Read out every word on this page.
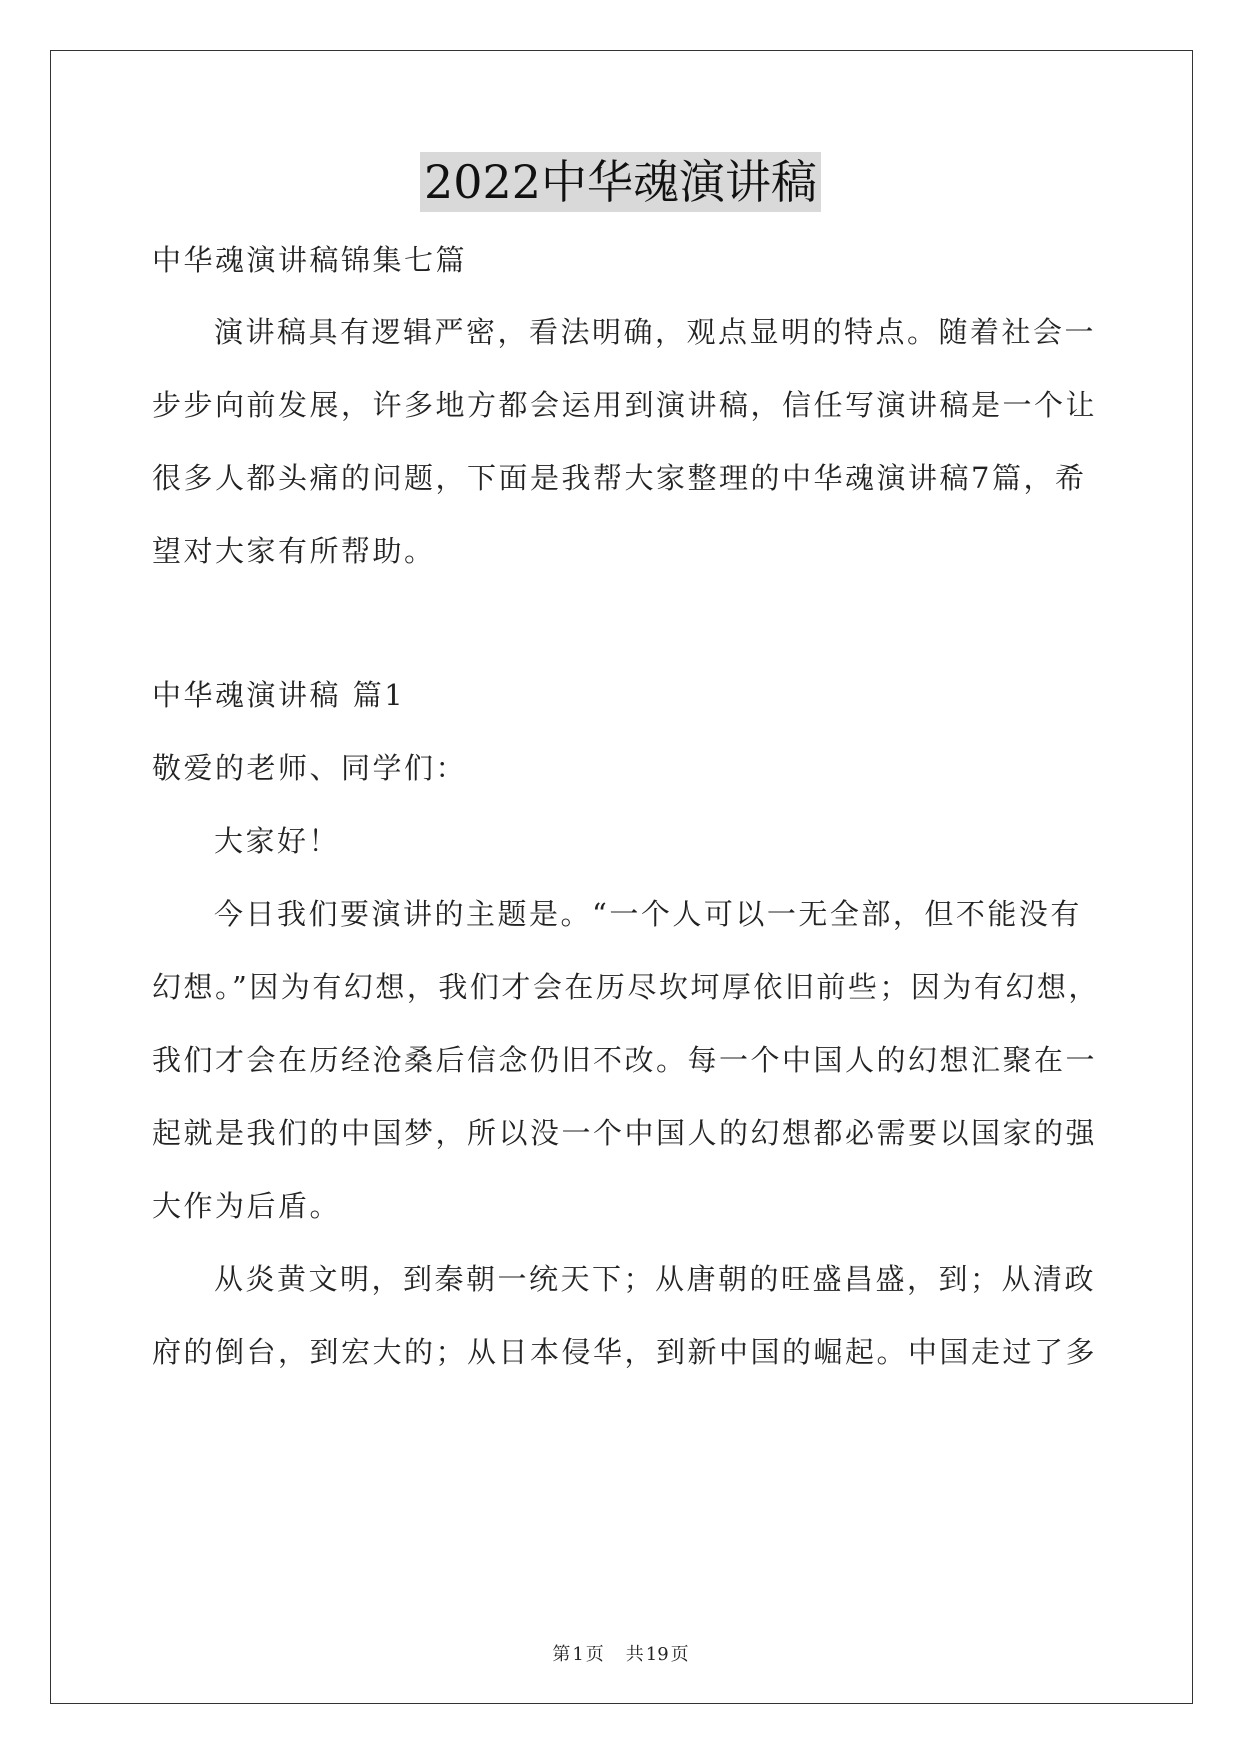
2022中华魂演讲稿
中华魂演讲稿锦集七篇
演讲稿具有逻辑严密，看法明确，观点显明的特点。随着社会一
步步向前发展，许多地方都会运用到演讲稿，信任写演讲稿是一个让
很多人都头痛的问题，下面是我帮大家整理的中华魂演讲稿7篇，希
望对大家有所帮助。
中华魂演讲稿 篇1
敬爱的老师、同学们：
大家好！
今日我们要演讲的主题是。“一个人可以一无全部，但不能没有
幻想。”因为有幻想，我们才会在历尽坎坷厚依旧前些；因为有幻想，
我们才会在历经沧桑后信念仍旧不改。每一个中国人的幻想汇聚在一
起就是我们的中国梦，所以没一个中国人的幻想都必需要以国家的强
大作为后盾。
从炎黄文明，到秦朝一统天下；从唐朝的旺盛昌盛，到；从清政
府的倒台，到宏大的；从日本侵华，到新中国的崛起。中国走过了多
第 1 页 共 19 页
